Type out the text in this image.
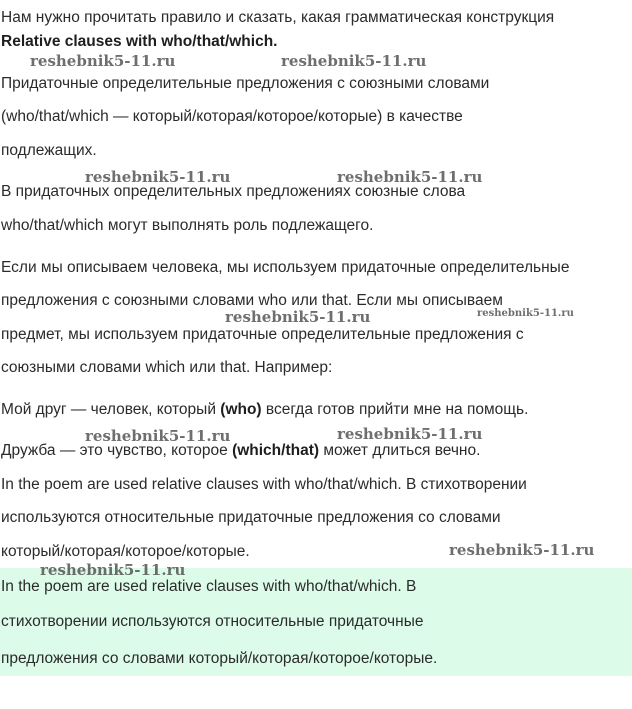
Нам нужно прочитать правило и сказать, какая грамматическая конструкция
Relative clauses with who/that/which.
Придаточные определительные предложения с союзными словами
(who/that/which — который/которая/которое/которые) в качестве
подлежащих.
В придаточных определительных предложениях союзные слова
who/that/which могут выполнять роль подлежащего.
Если мы описываем человека, мы используем придаточные определительные
предложения с союзными словами who или that. Если мы описываем
предмет, мы используем придаточные определительные предложения с
союзными словами which или that. Например:
Мой друг — человек, который (who) всегда готов прийти мне на помощь.
Дружба — это чувство, которое (which/that) может длиться вечно.
In the poem are used relative clauses with who/that/which. В стихотворении
используются относительные придаточные предложения со словами
который/которая/которое/которые.
In the poem are used relative clauses with who/that/which. В
стихотворении используются относительные придаточные
предложения со словами который/которая/которое/которые.
reshebnik5-11.ru	reshebnik5-11.ru
reshebnik5-11.ru	reshebnik5-11.ru
reshebnik5-11.ru	reshebnik5-11.ru
reshebnik5-11.ru	reshebnik5-11.ru
reshebnik5-11.ru
reshebnik5-11.ru
